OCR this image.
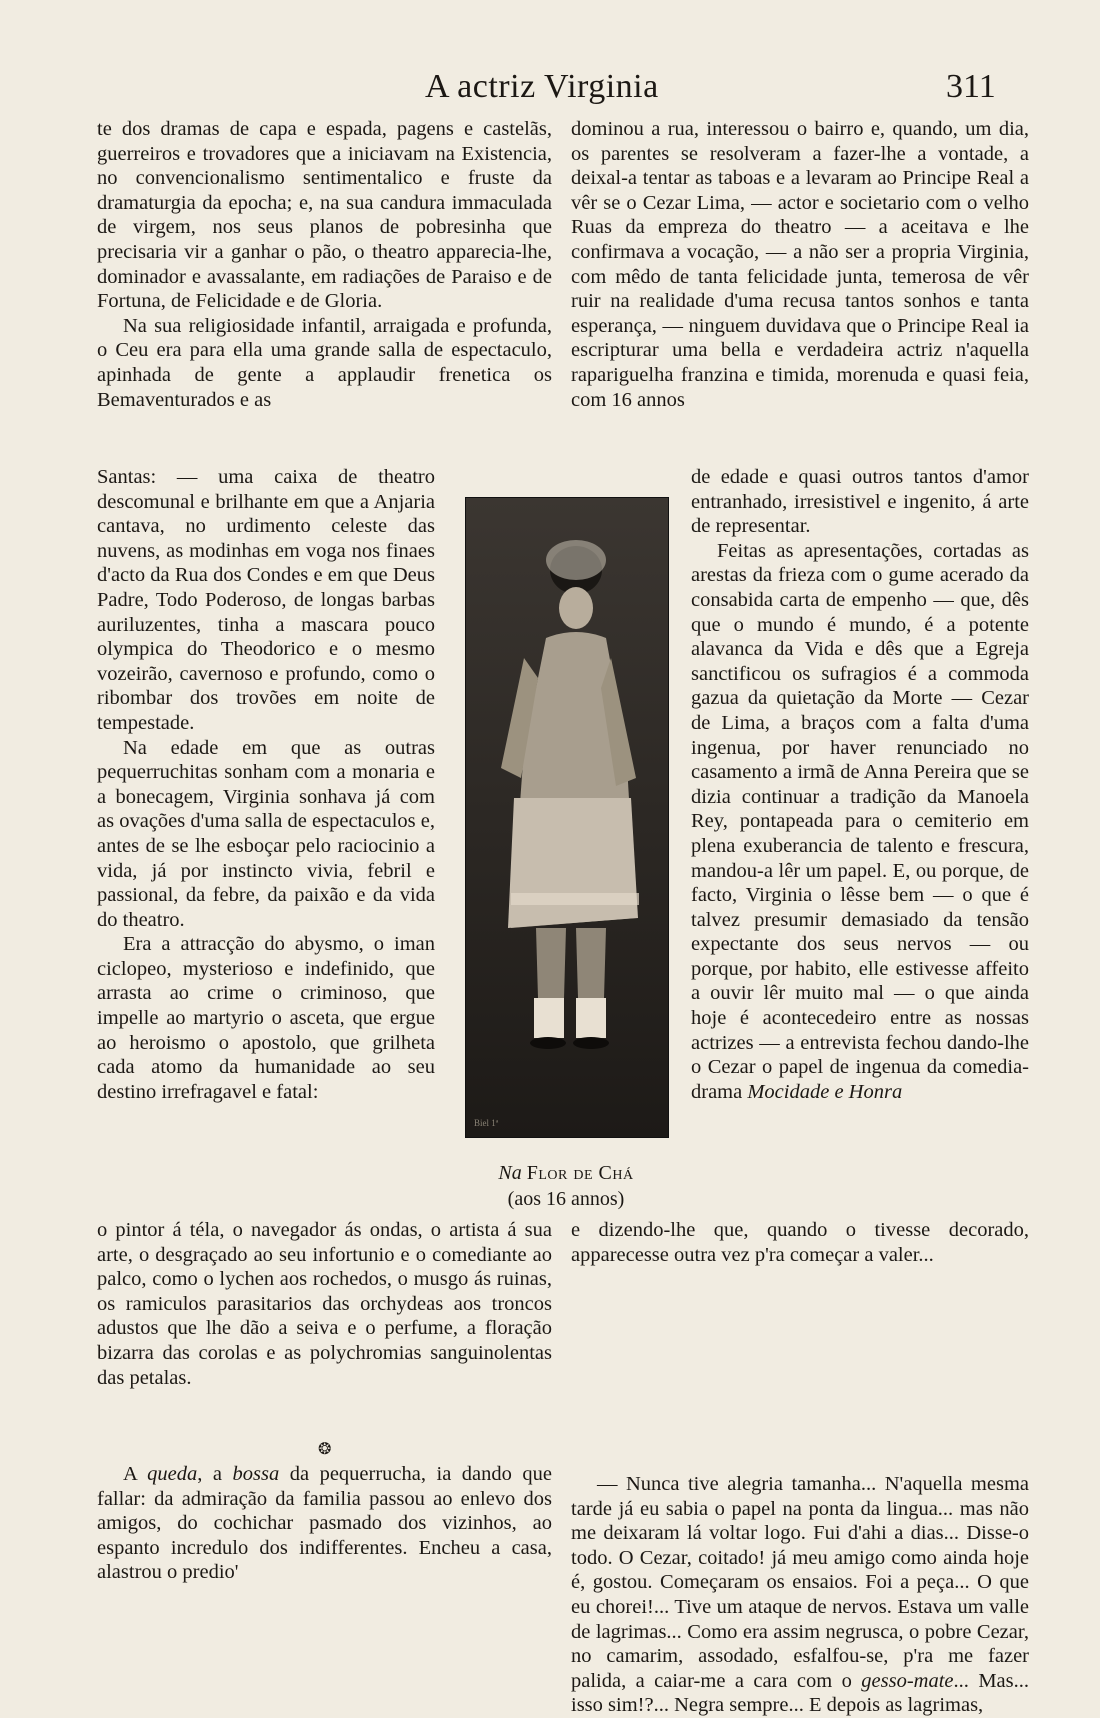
A actriz Virginia	311

te dos dramas de capa e espada, pagens e castelãs, guerreiros e trovadores que a iniciavam na Existencia, no convencionalismo sentimentalico e fruste da dramaturgia da epocha; e, na sua candura immaculada de virgem, nos seus planos de pobresinha que precisaria vir a ganhar o pão, o theatro apparecia-lhe, dominador e avassalante, em radiações de Paraiso e de Fortuna, de Felicidade e de Gloria.

Na sua religiosidade infantil, arraigada e profunda, o Ceu era para ella uma grande salla de espectaculo, apinhada de gente a applaudir frenetica os Bemaventurados e as

Santas: — uma caixa de theatro descomunal e brilhante em que a Anjaria cantava, no urdimento celeste das nuvens, as modinhas em voga nos finaes d'acto da Rua dos Condes e em que Deus Padre, Todo Poderoso, de longas barbas auriluzentes, tinha a mascara pouco olympica do Theodorico e o mesmo vozeirão, cavernoso e profundo, como o ribombar dos trovões em noite de tempestade.

Na edade em que as outras pequerruchitas sonham com a monaria e a bonecagem, Virginia sonhava já com as ovações d'uma salla de espectaculos e, antes de se lhe esboçar pelo raciocinio a vida, já por instincto vivia, febril e passional, da febre, da paixão e da vida do theatro.

Era a attracção do abysmo, o iman ciclopeo, mysterioso e indefinido, que arrasta ao crime o criminoso, que impelle ao martyrio o asceta, que ergue ao heroismo o apostolo, que grilheta cada atomo da humanidade ao seu destino irrefragavel e fatal:

Biel 1ª
Na Flor de Chá
(aos 16 annos)

o pintor á téla, o navegador ás ondas, o artista á sua arte, o desgraçado ao seu infortunio e o comediante ao palco, como o lychen aos rochedos, o musgo ás ruinas, os ramiculos parasitarios das orchydeas aos troncos adustos que lhe dão a seiva e o perfume, a floração bizarra das corolas e as polychromias sanguinolentas das petalas.

❂

A queda, a bossa da pequerrucha, ia dando que fallar: da admiração da familia passou ao enlevo dos amigos, do cochichar pasmado dos vizinhos, ao espanto incredulo dos indifferentes. Encheu a casa, alastrou o predio'

dominou a rua, interessou o bairro e, quando, um dia, os parentes se resolveram a fazer-lhe a vontade, a deixal-a tentar as taboas e a levaram ao Principe Real a vêr se o Cezar Lima, — actor e societario com o velho Ruas da empreza do theatro — a aceitava e lhe confirmava a vocação, — a não ser a propria Virginia, com mêdo de tanta felicidade junta, temerosa de vêr ruir na realidade d'uma recusa tantos sonhos e tanta esperança, — ninguem duvidava que o Principe Real ia escripturar uma bella e verdadeira actriz n'aquella rapariguelha franzina e timida, morenuda e quasi feia, com 16 annos

de edade e quasi outros tantos d'amor entranhado, irresistivel e ingenito, á arte de representar.

Feitas as apresentações, cortadas as arestas da frieza com o gume acerado da consabida carta de empenho — que, dês que o mundo é mundo, é a potente alavanca da Vida e dês que a Egreja sanctificou os sufragios é a commoda gazua da quietação da Morte — Cezar de Lima, a braços com a falta d'uma ingenua, por haver renunciado no casamento a irmã de Anna Pereira que se dizia continuar a tradição da Manoela Rey, pontapeada para o cemiterio em plena exuberancia de talento e frescura, mandou-a lêr um papel. E, ou porque, de facto, Virginia o lêsse bem — o que é talvez presumir demasiado da tensão expectante dos seus nervos — ou porque, por habito, elle estivesse affeito a ouvir lêr muito mal — o que ainda hoje é acontecedeiro entre as nossas actrizes — a entrevista fechou dando-lhe o Cezar o papel de ingenua da comedia-drama Mocidade e Honra

e dizendo-lhe que, quando o tivesse decorado, apparecesse outra vez p'ra começar a valer...

— Nunca tive alegria tamanha... N'aquella mesma tarde já eu sabia o papel na ponta da lingua... mas não me deixaram lá voltar logo. Fui d'ahi a dias... Disse-o todo. O Cezar, coitado! já meu amigo como ainda hoje é, gostou. Começaram os ensaios. Foi a peça... O que eu chorei!... Tive um ataque de nervos. Estava um valle de lagrimas... Como era assim negrusca, o pobre Cezar, no camarim, assodado, esfalfou-se, p'ra me fazer palida, a caiar-me a cara com o gesso-mate... Mas... isso sim!?... Negra sempre... E depois as lagrimas,
